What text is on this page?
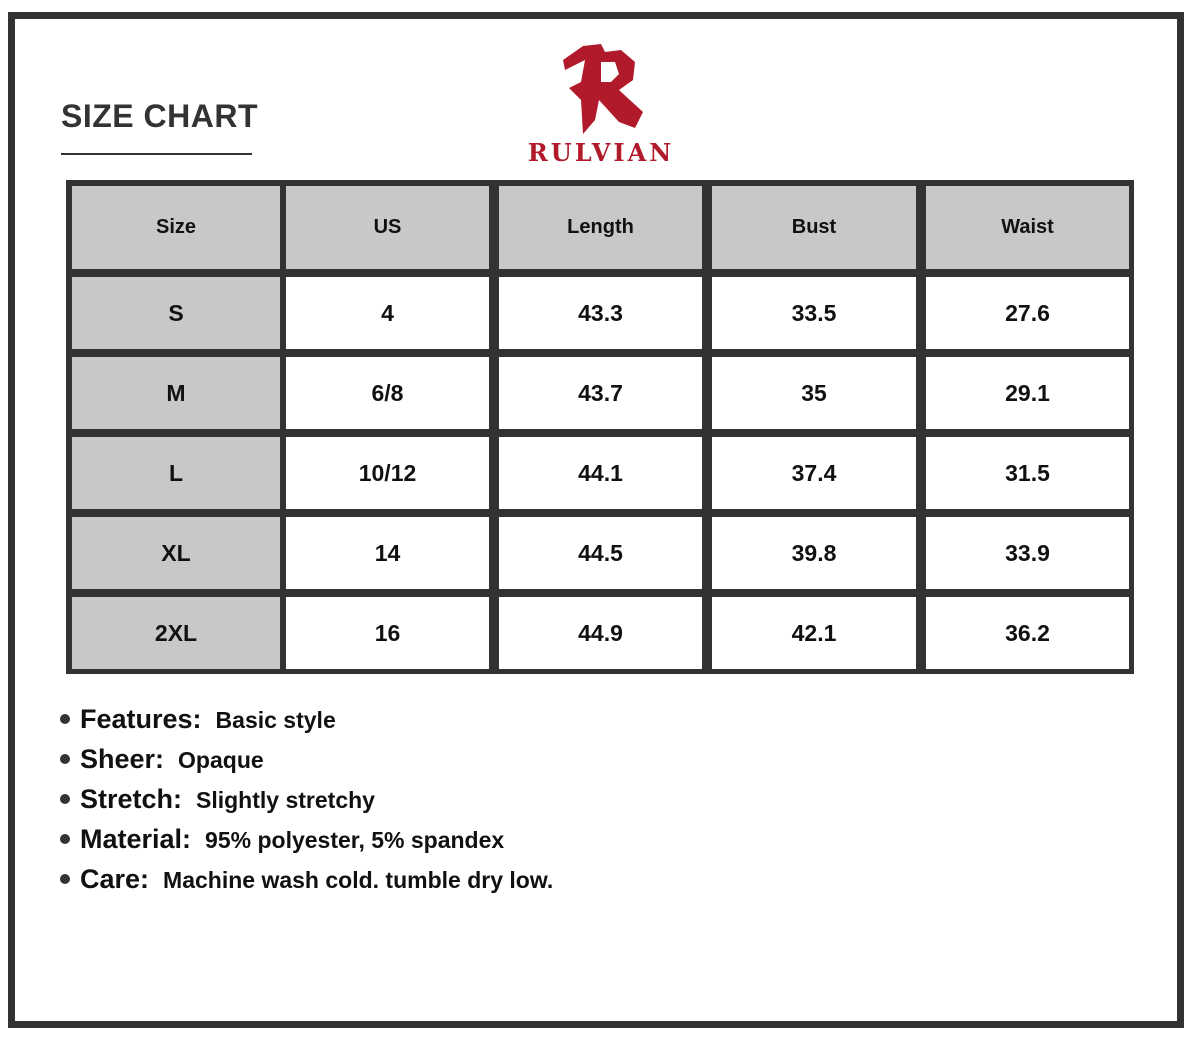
SIZE CHART
RULVIAN
Size	US	Length	Bust	Waist
S	4	43.3	33.5	27.6
M	6/8	43.7	35	29.1
L	10/12	44.1	37.4	31.5
XL	14	44.5	39.8	33.9
2XL	16	44.9	42.1	36.2
Features: Basic style
Sheer: Opaque
Stretch: Slightly stretchy
Material: 95% polyester, 5% spandex
Care: Machine wash cold. tumble dry low.
